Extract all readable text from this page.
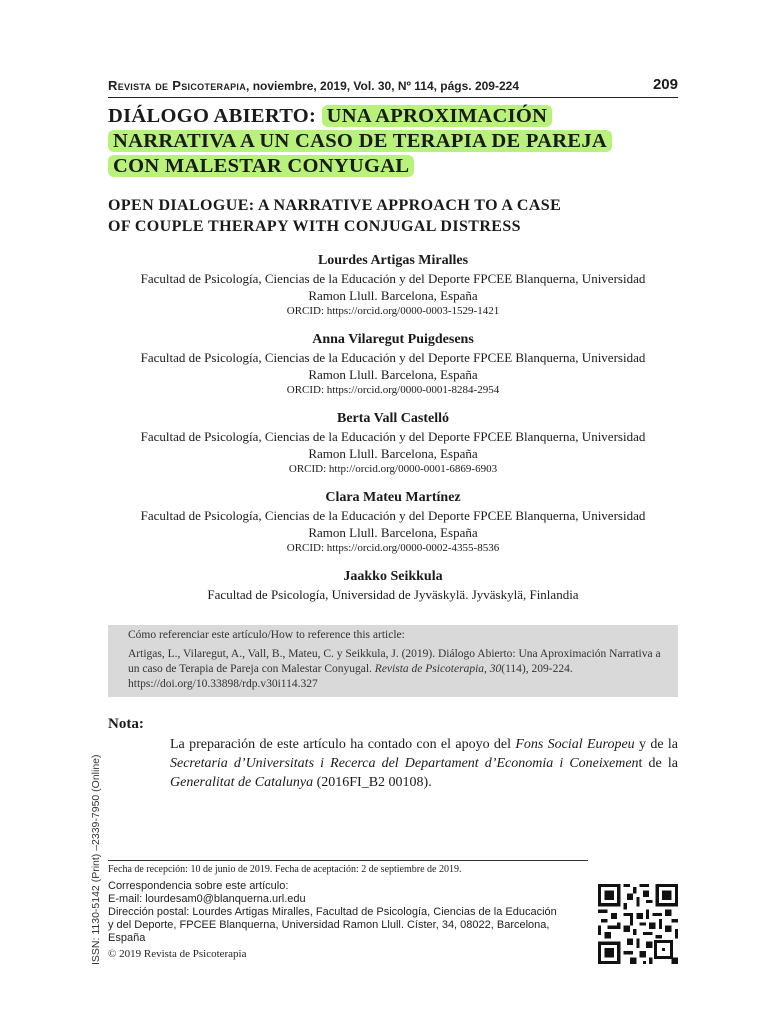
Revista de Psicoterapia, noviembre, 2019, Vol. 30, Nº 114, págs. 209-224	209
DIÁLOGO ABIERTO: UNA APROXIMACIÓN
NARRATIVA A UN CASO DE TERAPIA DE PAREJA
CON MALESTAR CONYUGAL
OPEN DIALOGUE: A NARRATIVE APPROACH TO A CASE
OF COUPLE THERAPY WITH CONJUGAL DISTRESS
Lourdes Artigas Miralles
Facultad de Psicología, Ciencias de la Educación y del Deporte FPCEE Blanquerna, Universidad
Ramon Llull. Barcelona, España
ORCID: https://orcid.org/0000-0003-1529-1421
Anna Vilaregut Puigdesens
Facultad de Psicología, Ciencias de la Educación y del Deporte FPCEE Blanquerna, Universidad
Ramon Llull. Barcelona, España
ORCID: https://orcid.org/0000-0001-8284-2954
Berta Vall Castelló
Facultad de Psicología, Ciencias de la Educación y del Deporte FPCEE Blanquerna, Universidad
Ramon Llull. Barcelona, España
ORCID: http://orcid.org/0000-0001-6869-6903
Clara Mateu Martínez
Facultad de Psicología, Ciencias de la Educación y del Deporte FPCEE Blanquerna, Universidad
Ramon Llull. Barcelona, España
ORCID: https://orcid.org/0000-0002-4355-8536
Jaakko Seikkula
Facultad de Psicología, Universidad de Jyväskylä. Jyväskylä, Finlandia
Cómo referenciar este artículo/How to reference this article:
Artigas, L., Vilaregut, A., Vall, B., Mateu, C. y Seikkula, J. (2019). Diálogo Abierto: Una Aproximación Narrativa a un caso de Terapia de Pareja con Malestar Conyugal. Revista de Psicoterapia, 30(114), 209-224. https://doi.org/10.33898/rdp.v30i114.327
Nota:
La preparación de este artículo ha contado con el apoyo del Fons Social Europeu y de la Secretaria d’Universitats i Recerca del Departament d’Economia i Coneixement de la Generalitat de Catalunya (2016FI_B2 00108).
ISSN: 1130-5142 (Print) –2339-7950 (Online) Fecha de recepción: 10 de junio de 2019. Fecha de aceptación: 2 de septiembre de 2019.
Correspondencia sobre este artículo:
E-mail: lourdesam0@blanquerna.url.edu
Dirección postal: Lourdes Artigas Miralles, Facultad de Psicología, Ciencias de la Educación
y del Deporte, FPCEE Blanquerna, Universidad Ramon Llull. Císter, 34, 08022, Barcelona,
España
© 2019 Revista de Psicoterapia
